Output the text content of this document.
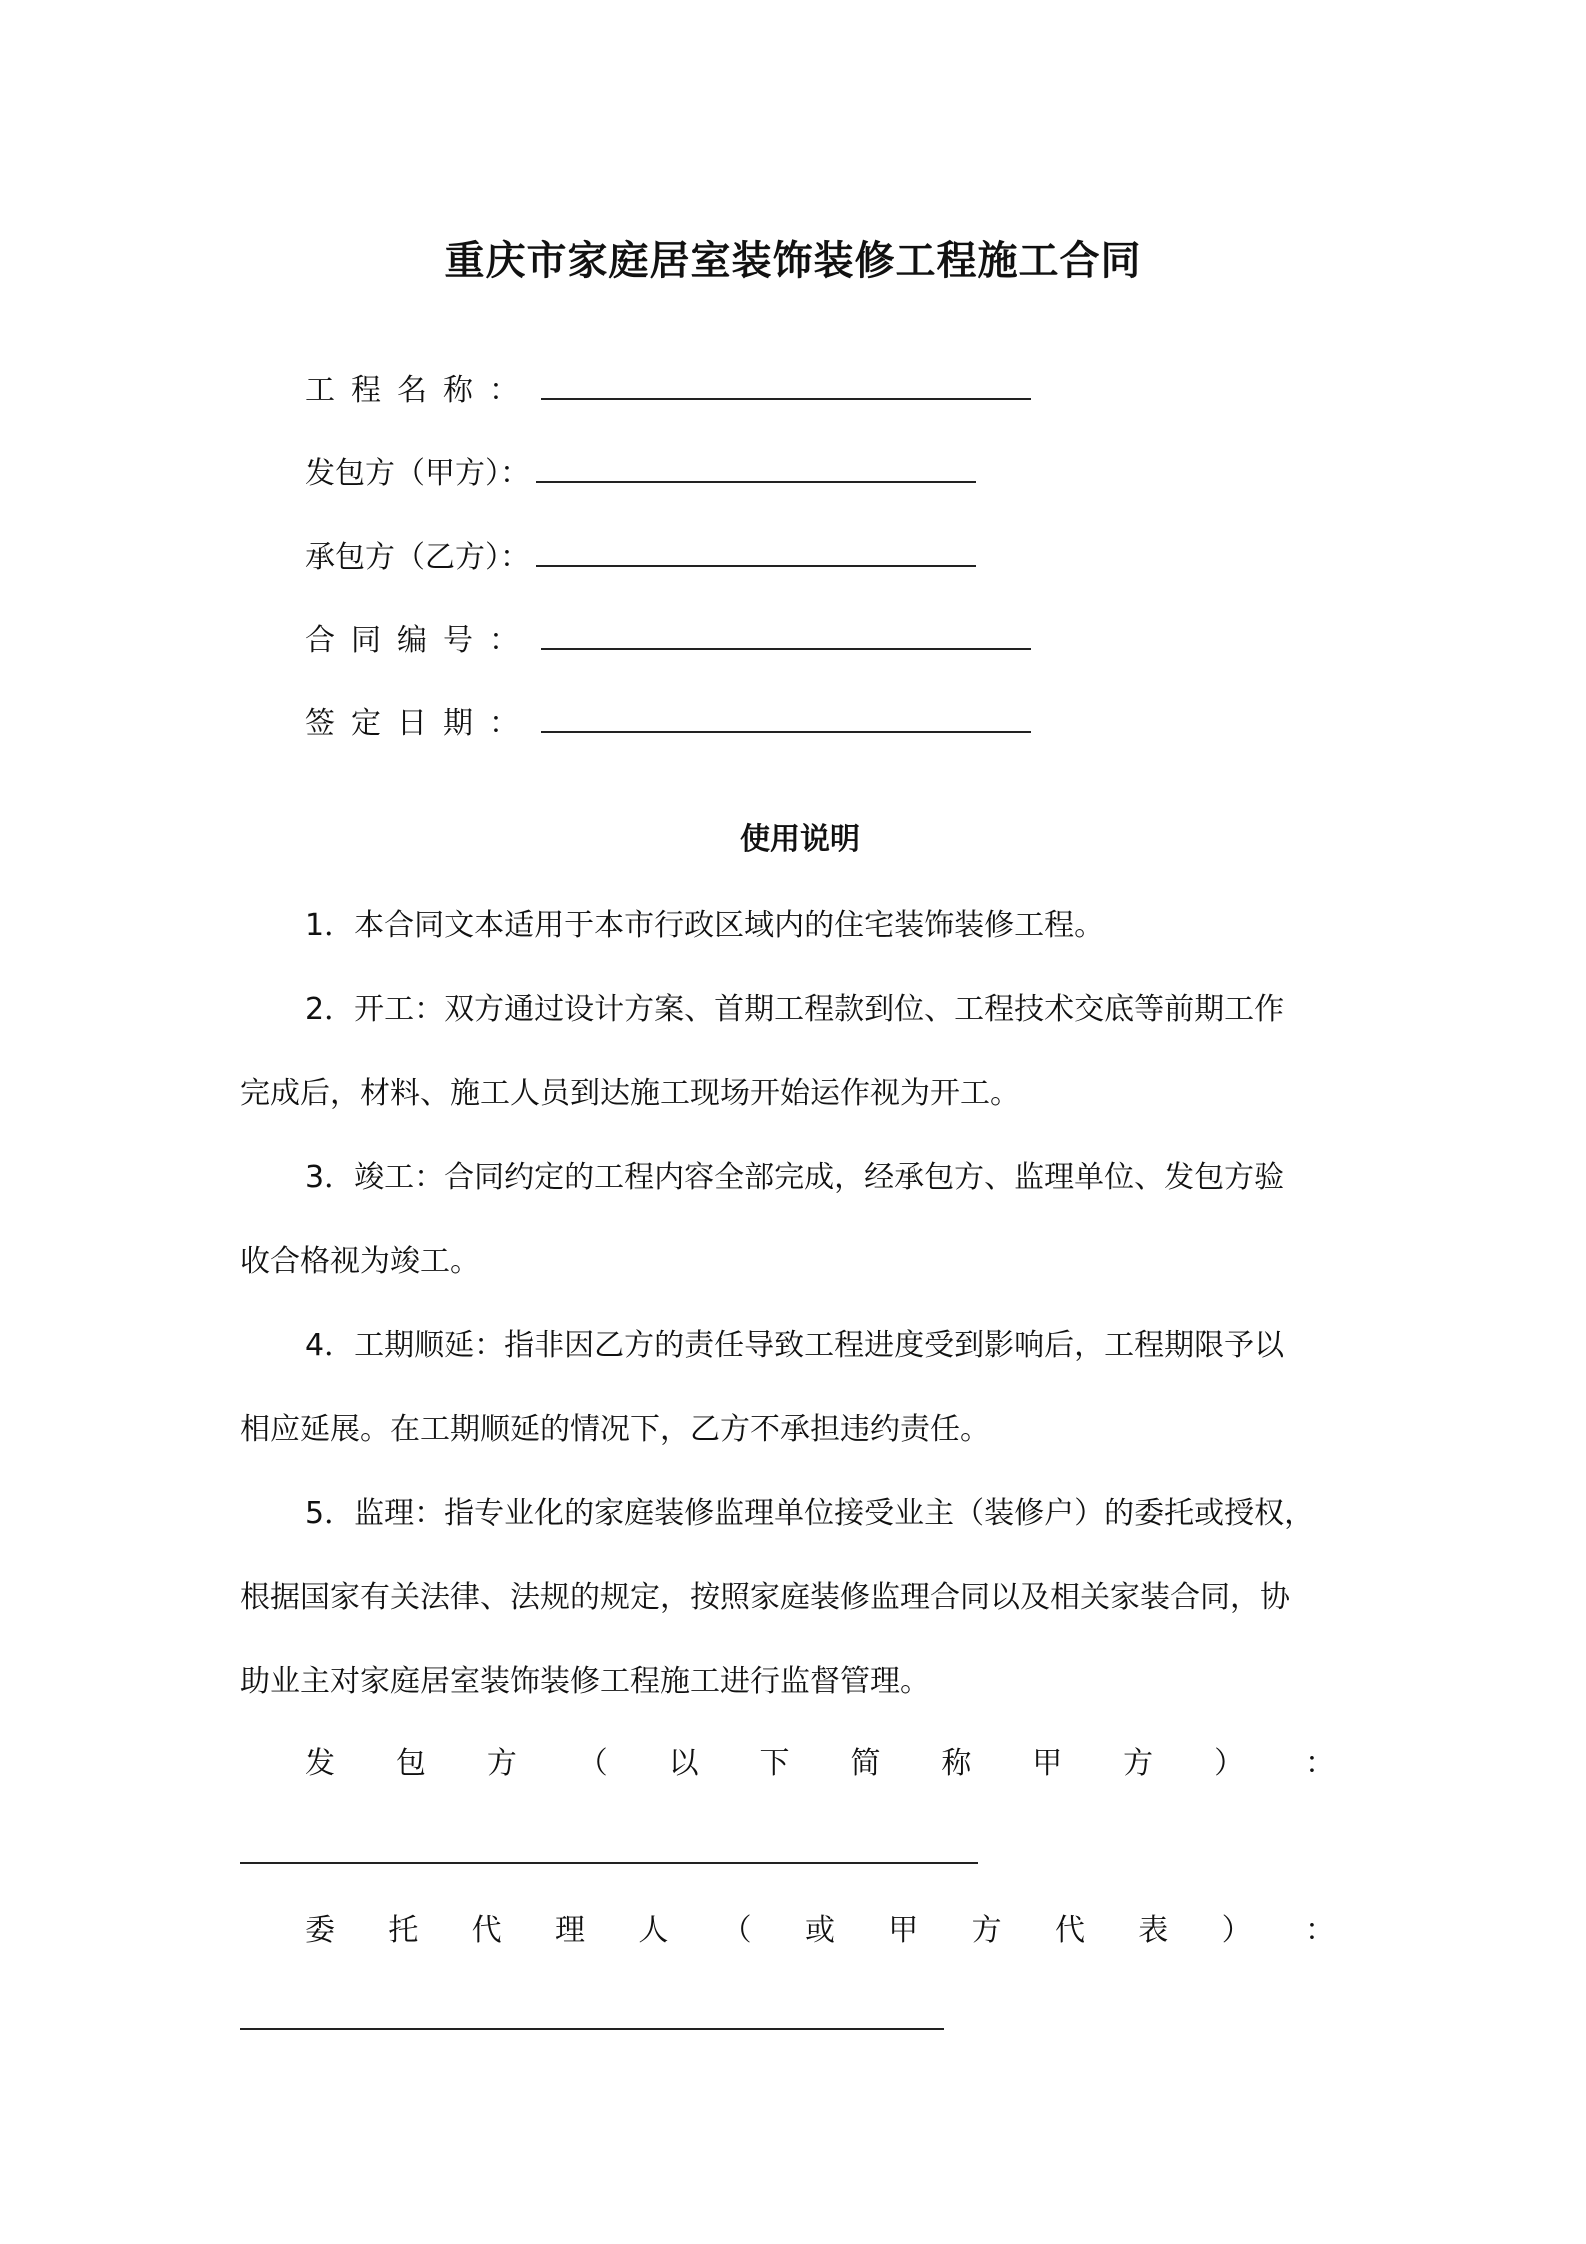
重庆市家庭居室装饰装修工程施工合同
工程名称：
发包方（甲方）：
承包方（乙方）：
合同编号：
签定日期：
使用说明
1．本合同文本适用于本市行政区域内的住宅装饰装修工程。
2．开工：双方通过设计方案、首期工程款到位、工程技术交底等前期工作
完成后，材料、施工人员到达施工现场开始运作视为开工。
3．竣工：合同约定的工程内容全部完成，经承包方、监理单位、发包方验
收合格视为竣工。
4．工期顺延：指非因乙方的责任导致工程进度受到影响后，工程期限予以
相应延展。在工期顺延的情况下，乙方不承担违约责任。
5．监理：指专业化的家庭装修监理单位接受业主（装修户）的委托或授权，
根据国家有关法律、法规的规定，按照家庭装修监理合同以及相关家装合同，协
助业主对家庭居室装饰装修工程施工进行监督管理。
发 包 方 （ 以 下 简 称 甲 方 ） ：
委 托 代 理 人 （ 或 甲 方 代 表 ） ：
